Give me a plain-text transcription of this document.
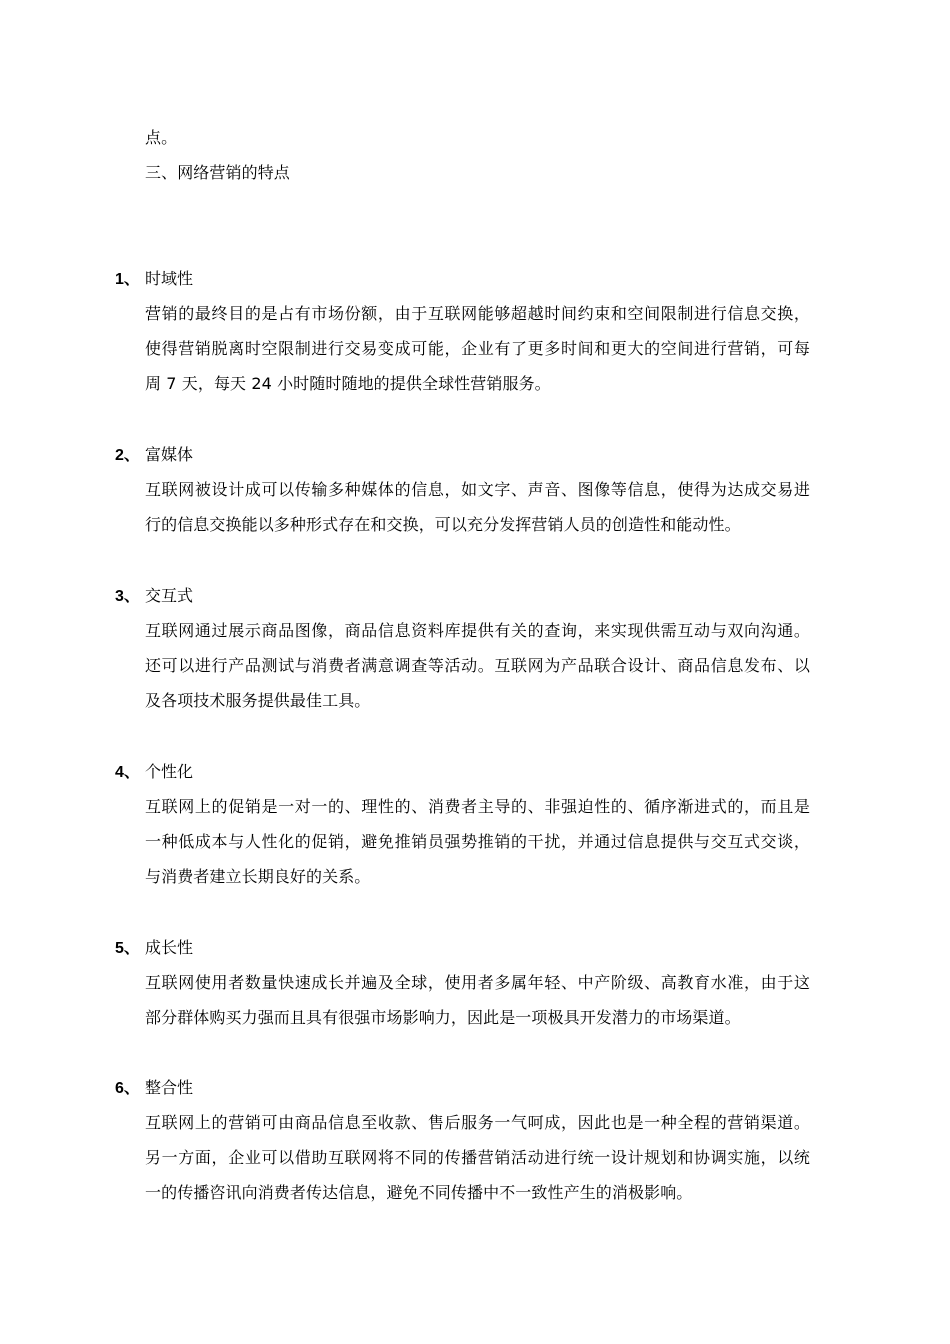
点。
三、网络营销的特点
1、 时域性
营销的最终目的是占有市场份额，由于互联网能够超越时间约束和空间限制进行信息交换，
使得营销脱离时空限制进行交易变成可能，企业有了更多时间和更大的空间进行营销，可每
周 7 天，每天 24 小时随时随地的提供全球性营销服务。
2、 富媒体
互联网被设计成可以传输多种媒体的信息，如文字、声音、图像等信息，使得为达成交易进
行的信息交换能以多种形式存在和交换，可以充分发挥营销人员的创造性和能动性。
3、 交互式
互联网通过展示商品图像，商品信息资料库提供有关的查询，来实现供需互动与双向沟通。
还可以进行产品测试与消费者满意调查等活动。互联网为产品联合设计、商品信息发布、以
及各项技术服务提供最佳工具。
4、 个性化
互联网上的促销是一对一的、理性的、消费者主导的、非强迫性的、循序渐进式的，而且是
一种低成本与人性化的促销，避免推销员强势推销的干扰，并通过信息提供与交互式交谈，
与消费者建立长期良好的关系。
5、 成长性
互联网使用者数量快速成长并遍及全球，使用者多属年轻、中产阶级、高教育水准，由于这
部分群体购买力强而且具有很强市场影响力，因此是一项极具开发潜力的市场渠道。
6、 整合性
互联网上的营销可由商品信息至收款、售后服务一气呵成，因此也是一种全程的营销渠道。
另一方面，企业可以借助互联网将不同的传播营销活动进行统一设计规划和协调实施，以统
一的传播咨讯向消费者传达信息，避免不同传播中不一致性产生的消极影响。
